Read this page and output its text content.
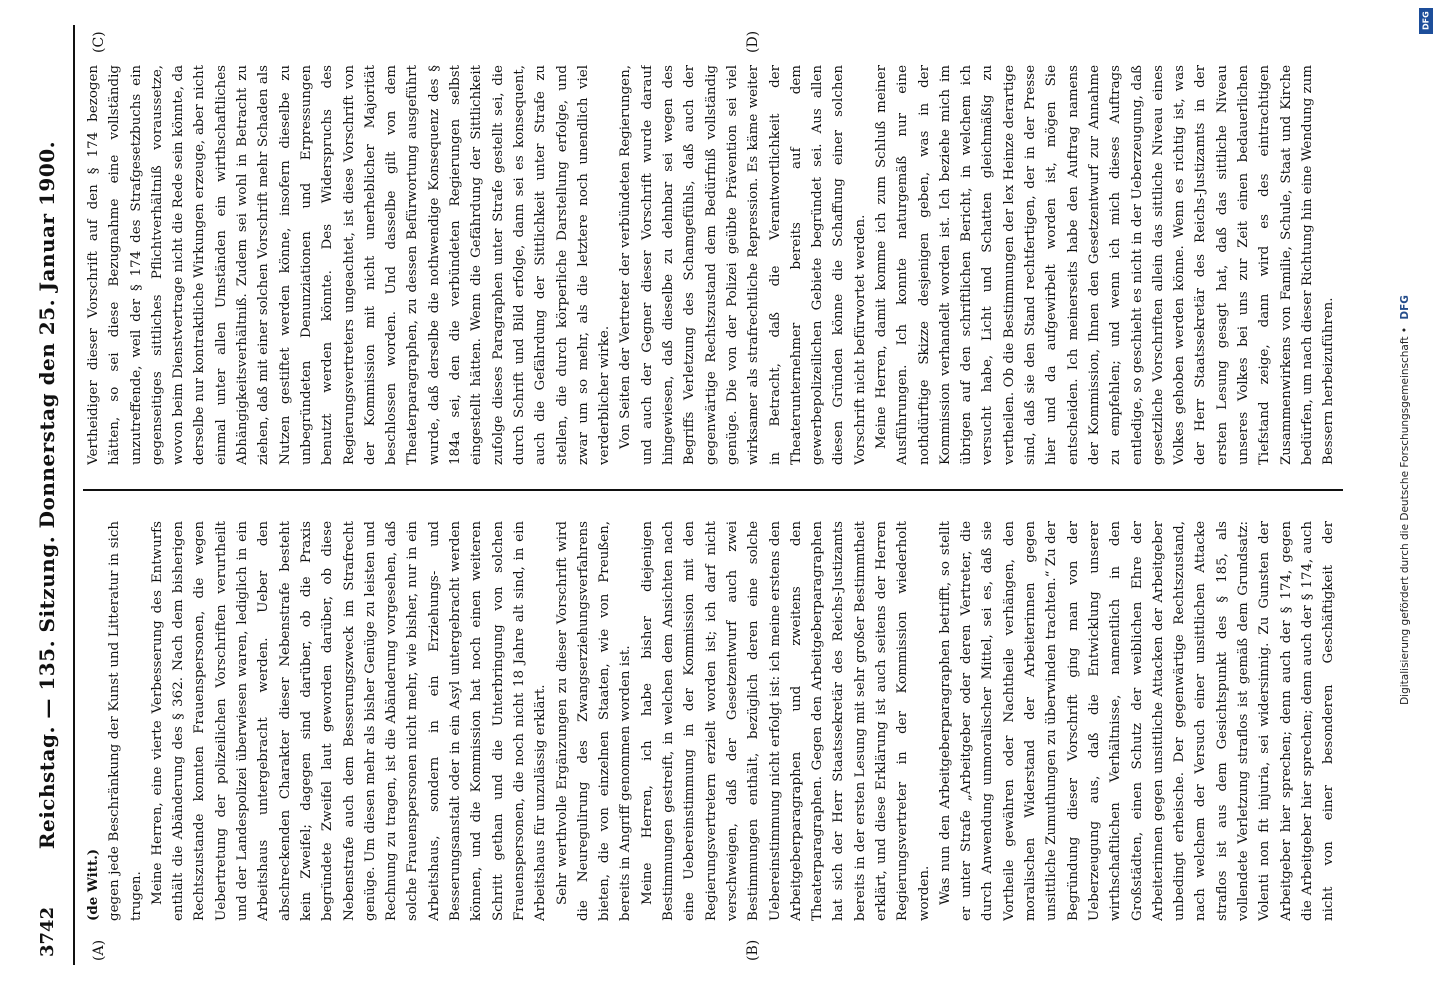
3742
Reichstag. — 135. Sitzung. Donnerstag den 25. Januar 1900.
(A)	(B)
(C)	(D)

(de Witt.) gegen jede Beschränkung der Kunst und Litteratur in sich trugen. Meine Herren, eine vierte Verbesserung des Entwurfs enthält die Abänderung des § 362. Nach dem bisherigen Rechtszustande konnten Frauenspersonen, die wegen Uebertretung der polizeilichen Vorschriften verurtheilt und der Landespolizei überwiesen waren, lediglich in ein Arbeitshaus untergebracht werden. Ueber den abschreckenden Charakter dieser Nebenstrafe besteht kein Zweifel; dagegen sind darüber, ob die Praxis begründete Zweifel laut geworden darüber, ob diese Nebenstrafe auch dem Besserungszweck im Strafrecht genüge. Um diesen mehr als bisher Genüge zu leisten und Rechnung zu tragen, ist die Abänderung vorgesehen, daß solche Frauenspersonen nicht mehr, wie bisher, nur in ein Arbeitshaus, sondern in ein Erziehungs- und Besserungsanstalt oder in ein Asyl untergebracht werden können, und die Kommission hat noch einen weiteren Schritt gethan und die Unterbringung von solchen Frauenspersonen, die noch nicht 18 Jahre alt sind, in ein Arbeitshaus für unzulässig erklärt. Sehr werthvolle Ergänzungen zu dieser Vorschrift wird die Neuregulirung des Zwangserziehungsverfahrens bieten, die von einzelnen Staaten, wie von Preußen, bereits in Angriff genommen worden ist. Meine Herren, ich habe bisher diejenigen Bestimmungen gestreift, in welchen dem Ansichten nach eine Uebereinstimmung in der Kommission mit den Regierungsvertretern erzielt worden ist; ich darf nicht verschweigen, daß der Gesetzentwurf auch zwei Bestimmungen enthält, bezüglich deren eine solche Uebereinstimmung nicht erfolgt ist: ich meine erstens den Arbeitgeberparagraphen und zweitens den Theaterparagraphen. Gegen den Arbeitgeberparagraphen hat sich der Herr Staatssekretär des Reichs-Justizamts bereits in der ersten Lesung mit sehr großer Bestimmtheit erklärt, und diese Erklärung ist auch seitens der Herren Regierungsvertreter in der Kommission wiederholt worden. Was nun den Arbeitgeberparagraphen betrifft, so stellt er unter Strafe „Arbeitgeber oder deren Vertreter, die durch Anwendung unmoralischer Mittel, sei es, daß sie Vortheile gewähren oder Nachtheile verhängen, den moralischen Widerstand der Arbeiterinnen gegen unsittliche Zumuthungen zu überwinden trachten.“ Zu der Begründung dieser Vorschrift ging man von der Ueberzeugung aus, daß die Entwicklung unserer wirthschaftlichen Verhältnisse, namentlich in den Großstädten, einen Schutz der weiblichen Ehre der Arbeiterinnen gegen unsittliche Attacken der Arbeitgeber unbedingt erheische. Der gegenwärtige Rechtszustand, nach welchem der Versuch einer unsittlichen Attacke straflos ist aus dem Gesichtspunkt des § 185, als vollendete Verletzung straflos ist gemäß dem Grundsatz: Volenti non fit injuria, sei widersinnig. Zu Gunsten der Arbeitgeber hier sprechen; denn auch der § 174, gegen die Arbeitgeber hier sprechen; denn auch der § 174, auch nicht von einer besonderen Geschäftigkeit der

Vertheidiger dieser Vorschrift auf den § 174 bezogen hätten, so sei diese Bezugnahme eine vollständig unzutreffende, weil der § 174 des Strafgesetzbuchs ein gegenseitiges sittliches Pflichtverhältniß voraussetze, wovon beim Dienstvertrage nicht die Rede sein könnte, da derselbe nur kontraktliche Wirkungen erzeuge, aber nicht einmal unter allen Umständen ein wirthschaftliches Abhängigkeitsverhältniß. Zudem sei wohl in Betracht zu ziehen, daß mit einer solchen Vorschrift mehr Schaden als Nutzen gestiftet werden könne, insofern dieselbe zu unbegründeten Denunziationen und Erpressungen benutzt werden könnte. Des Widerspruchs des Regierungsvertreters ungeachtet, ist diese Vorschrift von der Kommission mit nicht unerheblicher Majorität beschlossen worden. Und dasselbe gilt von dem Theaterparagraphen, zu dessen Befürwortung ausgeführt wurde, daß derselbe die nothwendige Konsequenz des § 184a sei, den die verbündeten Regierungen selbst eingestellt hätten. Wenn die Gefährdung der Sittlichkeit zufolge dieses Paragraphen unter Strafe gestellt sei, die durch Schrift und Bild erfolge, dann sei es konsequent, auch die Gefährdung der Sittlichkeit unter Strafe zu stellen, die durch körperliche Darstellung erfolge, und zwar um so mehr, als die letztere noch unendlich viel verderblicher wirke. Von Seiten der Vertreter der verbündeten Regierungen, und auch der Gegner dieser Vorschrift wurde darauf hingewiesen, daß dieselbe zu dehnbar sei wegen des Begriffs Verletzung des Schamgefühls, daß auch der gegenwärtige Rechtszustand dem Bedürfniß vollständig genüge. Die von der Polizei geübte Prävention sei viel wirksamer als strafrechtliche Repression. Es käme weiter in Betracht, daß die Verantwortlichkeit der Theaterunternehmer bereits auf dem gewerbepolizeilichen Gebiete begründet sei. Aus allen diesen Gründen könne die Schaffung einer solchen Vorschrift nicht befürwortet werden. Meine Herren, damit komme ich zum Schluß meiner Ausführungen. Ich konnte naturgemäß nur eine nothdürftige Skizze desjenigen geben, was in der Kommission verhandelt worden ist. Ich beziehe mich im übrigen auf den schriftlichen Bericht, in welchem ich versucht habe, Licht und Schatten gleichmäßig zu vertheilen. Ob die Bestimmungen der lex Heinze derartige sind, daß sie den Stand rechtfertigen, der in der Presse hier und da aufgewirbelt worden ist, mögen Sie entscheiden. Ich meinerseits habe den Auftrag namens der Kommission, Ihnen den Gesetzentwurf zur Annahme zu empfehlen; und wenn ich mich dieses Auftrags entledige, so geschieht es nicht in der Ueberzeugung, daß gesetzliche Vorschriften allein das sittliche Niveau eines Volkes gehoben werden könne. Wenn es richtig ist, was der Herr Staatssekretär des Reichs-Justizamts in der ersten Lesung gesagt hat, daß das sittliche Niveau unseres Volkes bei uns zur Zeit einen bedauerlichen Tiefstand zeige, dann wird es des eintrachtigen Zusammenwirkens von Familie, Schule, Staat und Kirche bedürfen, um nach dieser Richtung hin eine Wendung zum Bessern herbeizuführen.	Digitalisierung gefördert durch die Deutsche Forschungsgemeinschaft • DFG
DFG
